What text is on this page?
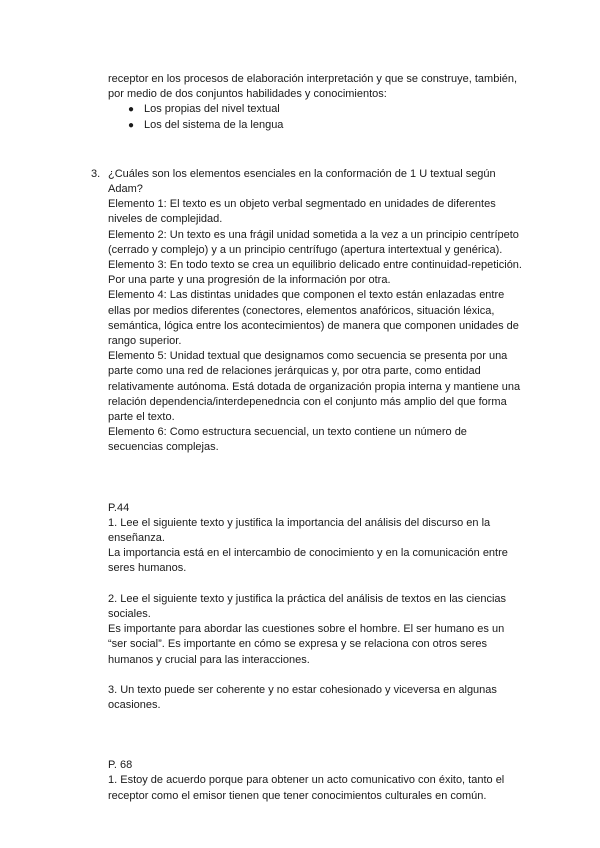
receptor en los procesos de elaboración interpretación y que se construye, también,

por medio de dos conjuntos habilidades y conocimientos:

● Los propias del nivel textual
● Los del sistema de la lengua
3. ¿Cuáles son los elementos esenciales en la conformación de 1 U textual según

Adam?

Elemento 1: El texto es un objeto verbal segmentado en unidades de diferentes

niveles de complejidad.

Elemento 2: Un texto es una frágil unidad sometida a la vez a un principio centrípeto

(cerrado y complejo) y a un principio centrífugo (apertura intertextual y genérica).

Elemento 3: En todo texto se crea un equilibrio delicado entre continuidad-repetición.

Por una parte y una progresión de la información por otra.

Elemento 4: Las distintas unidades que componen el texto están enlazadas entre

ellas por medios diferentes (conectores, elementos anafóricos, situación léxica,

semántica, lógica entre los acontecimientos) de manera que componen unidades de

rango superior.

Elemento 5: Unidad textual que designamos como secuencia se presenta por una

parte como una red de relaciones jerárquicas y, por otra parte, como entidad

relativamente autónoma. Está dotada de organización propia interna y mantiene una

relación dependencia/interdepenedncia con el conjunto más amplio del que forma

parte el texto.

Elemento 6: Como estructura secuencial, un texto contiene un número de

secuencias complejas.

P.44

1. Lee el siguiente texto y justifica la importancia del análisis del discurso en la

enseñanza.

La importancia está en el intercambio de conocimiento y en la comunicación entre

seres humanos.

2. Lee el siguiente texto y justifica la práctica del análisis de textos en las ciencias

sociales.

Es importante para abordar las cuestiones sobre el hombre. El ser humano es un

“ser social”. Es importante en cómo se expresa y se relaciona con otros seres

humanos y crucial para las interacciones.

3. Un texto puede ser coherente y no estar cohesionado y viceversa en algunas

ocasiones.

P. 68

1. Estoy de acuerdo porque para obtener un acto comunicativo con éxito, tanto el

receptor como el emisor tienen que tener conocimientos culturales en común.
